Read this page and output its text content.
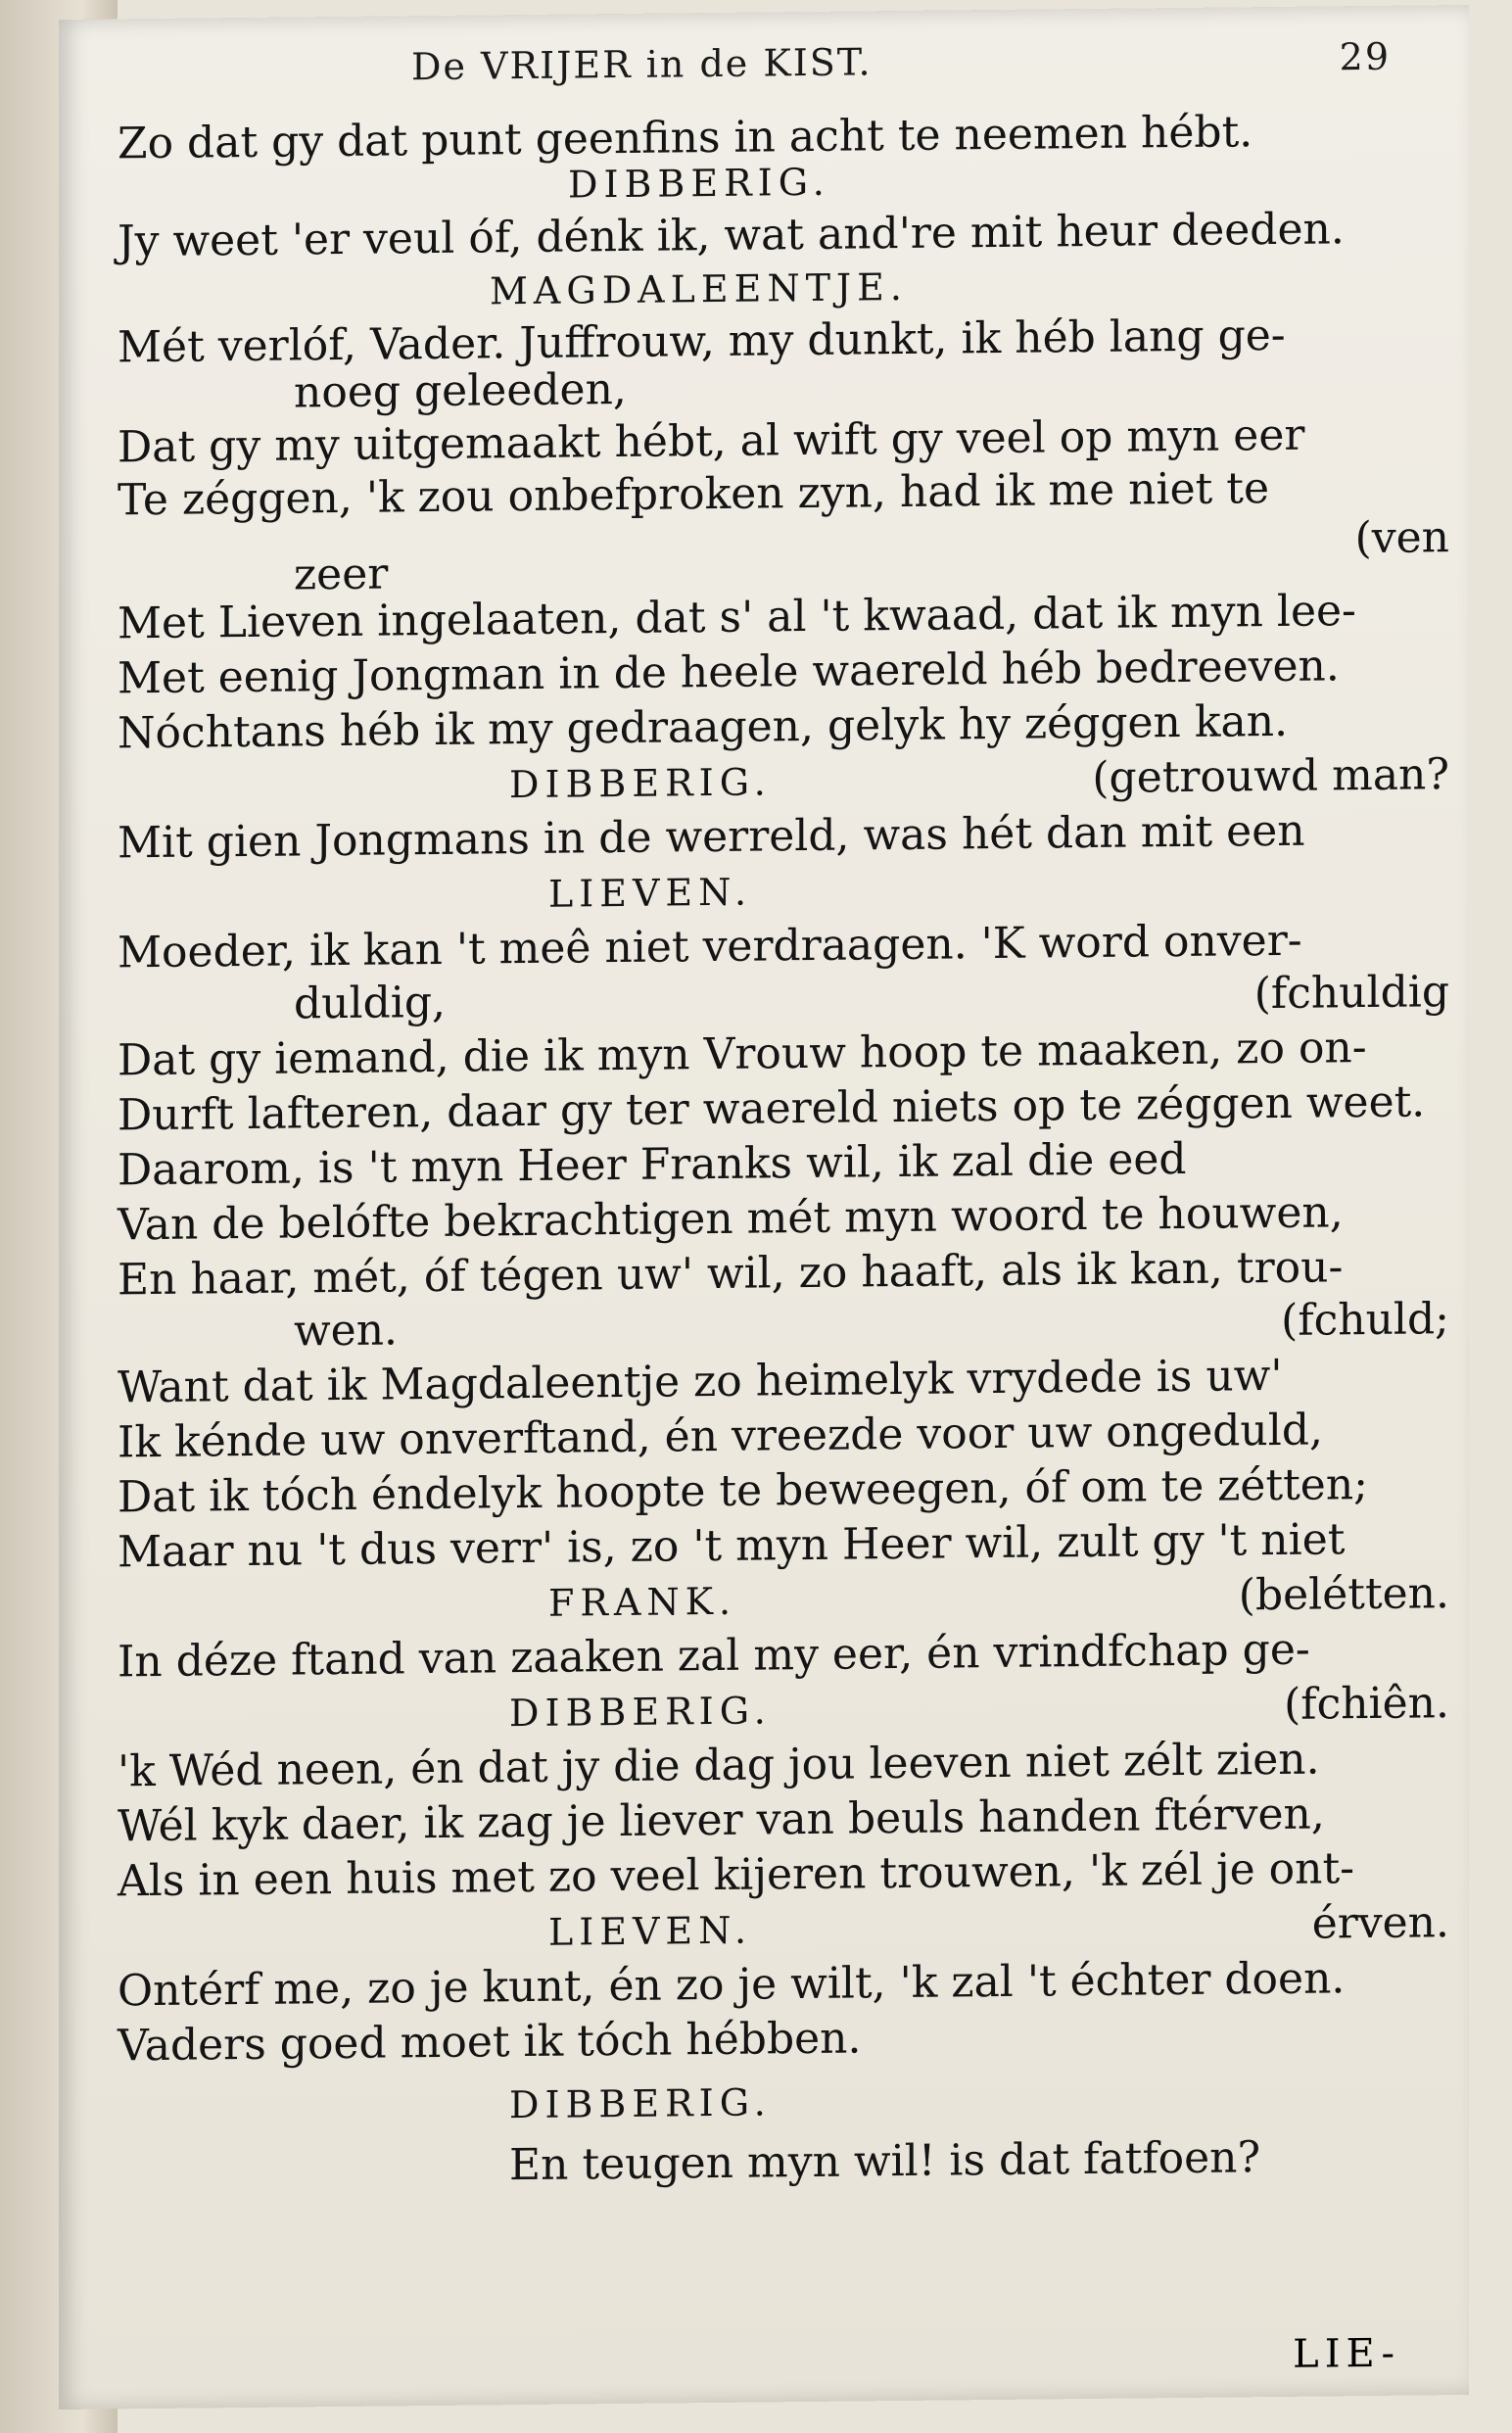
De VRIJER in de KIST.	29
Zo dat gy dat punt geenfins in acht te neemen hébt.
DIBBERIG.
Jy weet 'er veul óf, dénk ik, wat and're mit heur deeden.
MAGDALEENTJE.
Mét verlóf, Vader. Juffrouw, my dunkt, ik héb lang ge-
noeg geleeden,
Dat gy my uitgemaakt hébt, al wift gy veel op myn eer
Te zéggen, 'k zou onbefproken zyn, had ik me niet te
(ven
zeer
Met Lieven ingelaaten, dat s' al 't kwaad, dat ik myn lee-
Met eenig Jongman in de heele waereld héb bedreeven.
Nóchtans héb ik my gedraagen, gelyk hy zéggen kan.
DIBBERIG.	(getrouwd man?
Mit gien Jongmans in de werreld, was hét dan mit een
LIEVEN.
Moeder, ik kan 't meê niet verdraagen. 'K word onver-
duldig,	(fchuldig
Dat gy iemand, die ik myn Vrouw hoop te maaken, zo on-
Durft lafteren, daar gy ter waereld niets op te zéggen weet.
Daarom, is 't myn Heer Franks wil, ik zal die eed
Van de belófte bekrachtigen mét myn woord te houwen,
En haar, mét, óf tégen uw' wil, zo haaft, als ik kan, trou-
wen.	(fchuld;
Want dat ik Magdaleentje zo heimelyk vrydede is uw'
Ik kénde uw onverftand, én vreezde voor uw ongeduld,
Dat ik tóch éndelyk hoopte te beweegen, óf om te zétten;
Maar nu 't dus verr' is, zo 't myn Heer wil, zult gy 't niet
FRANK.	(belétten.
In déze ftand van zaaken zal my eer, én vrindfchap ge-
DIBBERIG.	(fchiên.
'k Wéd neen, én dat jy die dag jou leeven niet zélt zien.
Wél kyk daer, ik zag je liever van beuls handen ftérven,
Als in een huis met zo veel kijeren trouwen, 'k zél je ont-
LIEVEN.	érven.
Ontérf me, zo je kunt, én zo je wilt, 'k zal 't échter doen.
Vaders goed moet ik tóch hébben.
DIBBERIG.
En teugen myn wil! is dat fatfoen?
LIE-
